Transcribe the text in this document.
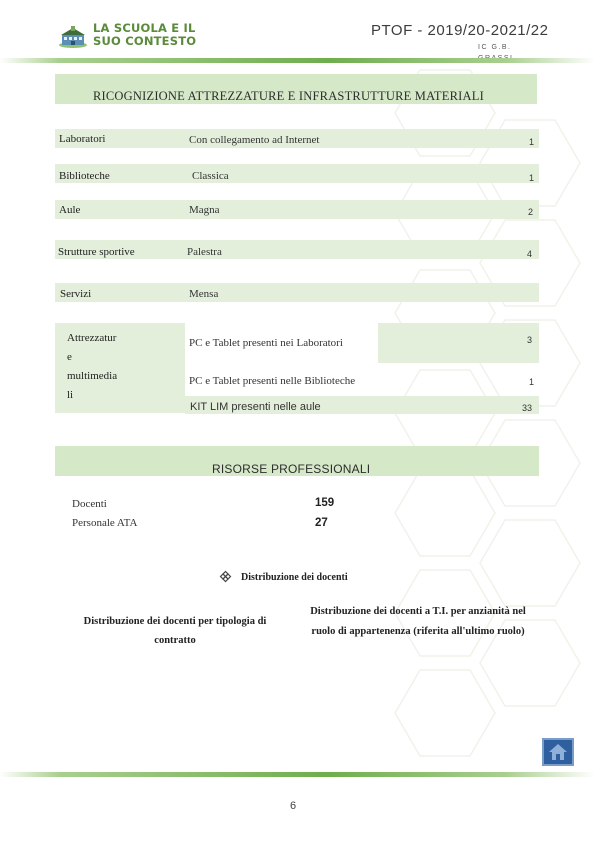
LA SCUOLA E IL
SUO CONTESTO
PTOF - 2019/20-2021/22
IC G.B.
RICOGNIZIONE ATTREZZATURE E INFRASTRUTTURE MATERIALI
Laboratori	Con collegamento ad Internet	1
Biblioteche	Classica	1
Aule	Magna	2
Strutture sportive	Palestra	4
Servizi	Mensa
Attrezzatur
e
multimedia
PC e Tablet presenti nei Laboratori	3
PC e Tablet presenti nelle Biblioteche	1
KIT LIM presenti nelle aule	33
RISORSE PROFESSIONALI
Docenti	159
Personale ATA	27
Distribuzione dei docenti
Distribuzione dei docenti per tipologia di contratto
Distribuzione dei docenti a T.I. per anzianità nel ruolo di appartenenza (riferita all'ultimo ruolo)
6
